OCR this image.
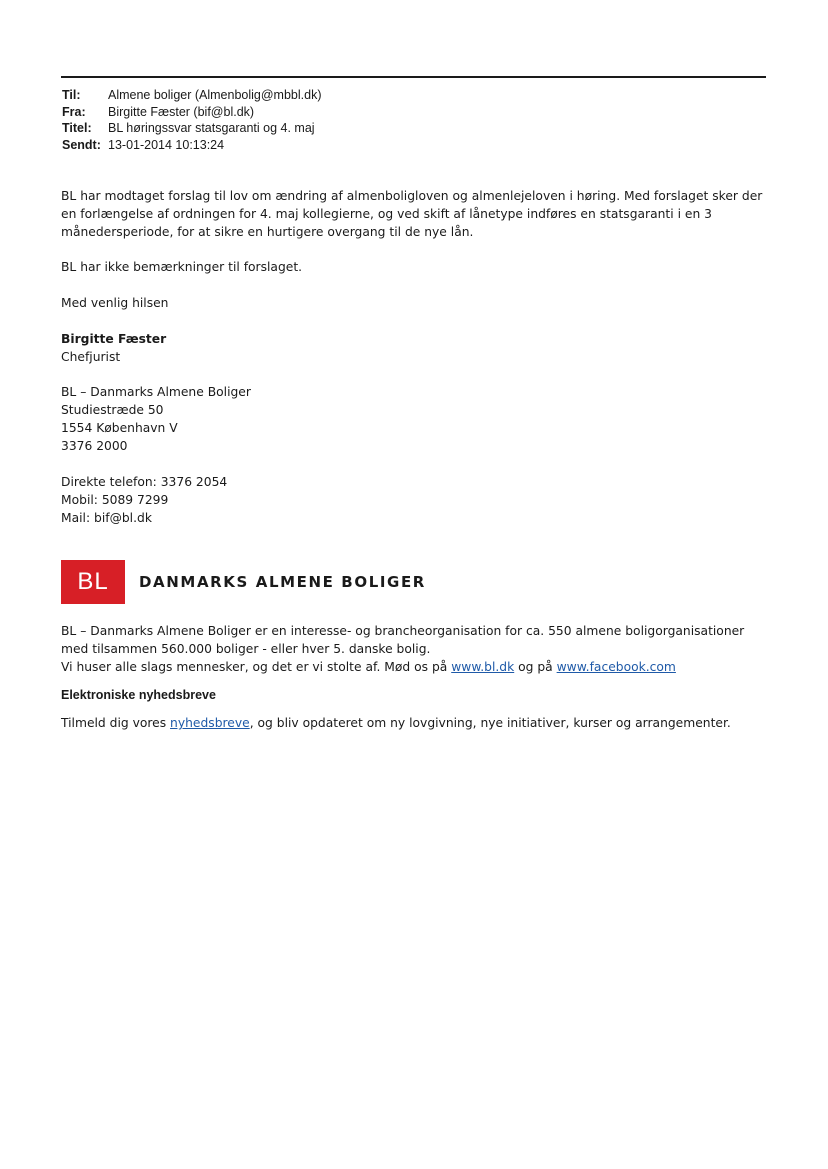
Til:	Almene boliger (Almenbolig@mbbl.dk)
Fra:	Birgitte Fæster (bif@bl.dk)
Titel:	BL høringssvar statsgaranti og 4. maj
Sendt: 13-01-2014 10:13:24
BL har modtaget forslag til lov om ændring af almenboligloven og almenlejeloven i høring. Med forslaget sker der
en forlængelse af ordningen for 4. maj kollegierne, og ved skift af lånetype indføres en statsgaranti i en 3
månedersperiode, for at sikre en hurtigere overgang til de nye lån.
BL har ikke bemærkninger til forslaget.
Med venlig hilsen
Birgitte Fæster
Chefjurist
BL – Danmarks Almene Boliger
Studiestræde 50
1554 København V
3376 2000
Direkte telefon: 3376 2054
Mobil: 5089 7299
Mail: bif@bl.dk
BL DANMARKS ALMENE BOLIGER
BL – Danmarks Almene Boliger er en interesse- og brancheorganisation for ca. 550 almene boligorganisationer
med tilsammen 560.000 boliger - eller hver 5. danske bolig.
Vi huser alle slags mennesker, og det er vi stolte af. Mød os på www.bl.dk og på www.facebook.com
Elektroniske nyhedsbreve
Tilmeld dig vores nyhedsbreve, og bliv opdateret om ny lovgivning, nye initiativer, kurser og arrangementer.
